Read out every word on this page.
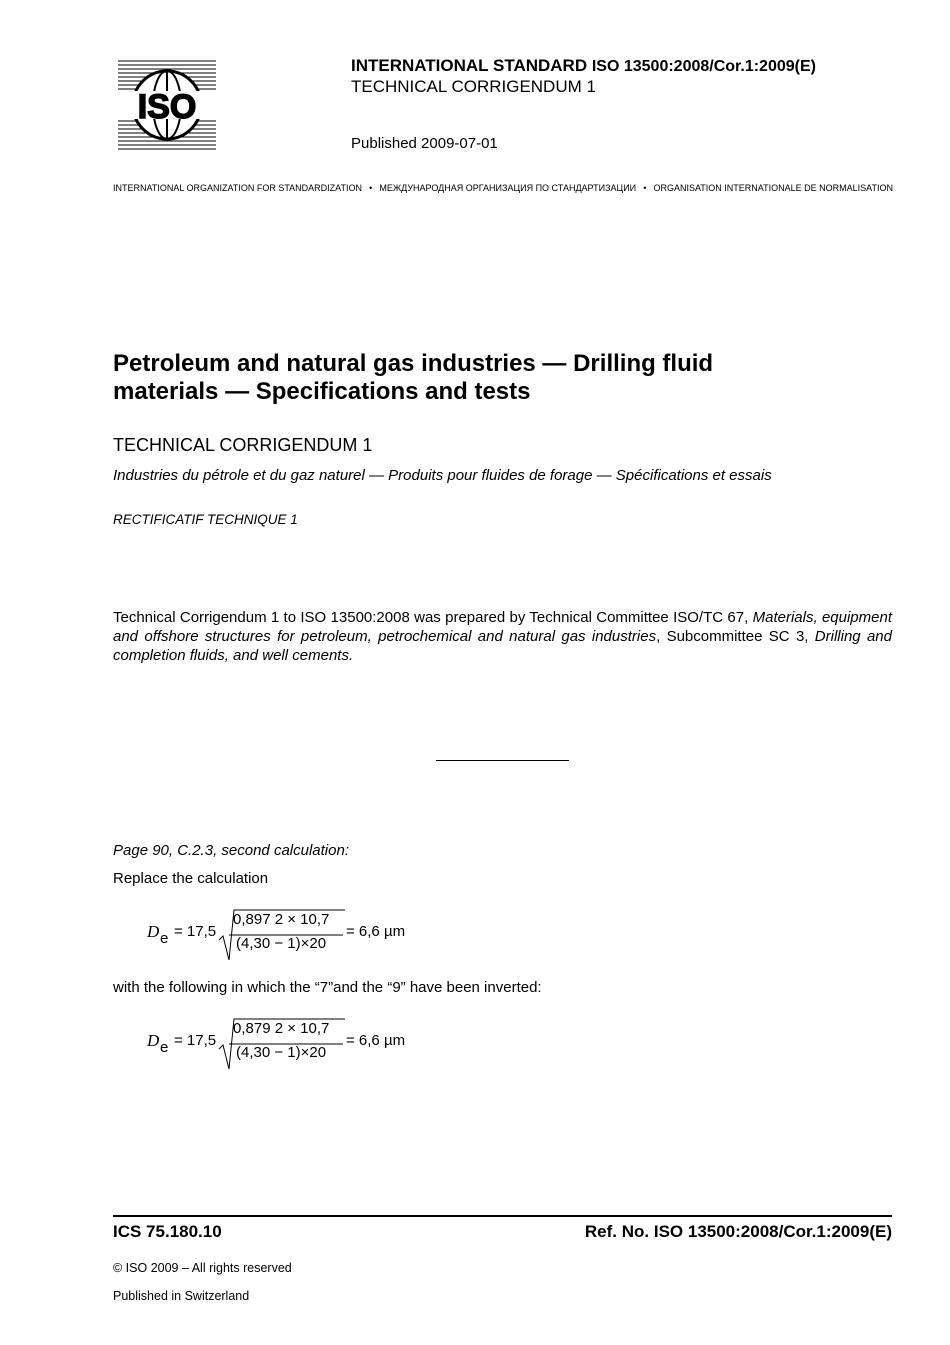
ISO
INTERNATIONAL STANDARD ISO 13500:2008/Cor.1:2009(E)
TECHNICAL CORRIGENDUM 1
Published 2009-07-01
INTERNATIONAL ORGANIZATION FOR STANDARDIZATION • МЕЖДУНАРОДНАЯ ОРГАНИЗАЦИЯ ПО СТАНДАРТИЗАЦИИ • ORGANISATION INTERNATIONALE DE NORMALISATION
Petroleum and natural gas industries — Drilling fluid
materials — Specifications and tests
TECHNICAL CORRIGENDUM 1
Industries du pétrole et du gaz naturel — Produits pour fluides de forage — Spécifications et essais
RECTIFICATIF TECHNIQUE 1
Technical Corrigendum 1 to ISO 13500:2008 was prepared by Technical Committee ISO/TC 67, Materials, equipment and offshore structures for petroleum, petrochemical and natural gas industries, Subcommittee SC 3, Drilling and completion fluids, and well cements.
Page 90, C.2.3, second calculation:
Replace the calculation
D e = 17,5
0,897 2 × 10,7
(4,30 − 1)×20
= 6,6 µm
with the following in which the “7”and the “9” have been inverted:
D e = 17,5
0,879 2 × 10,7
(4,30 − 1)×20
= 6,6 µm
ICS 75.180.10	Ref. No. ISO 13500:2008/Cor.1:2009(E)
© ISO 2009 – All rights reserved
Published in Switzerland
